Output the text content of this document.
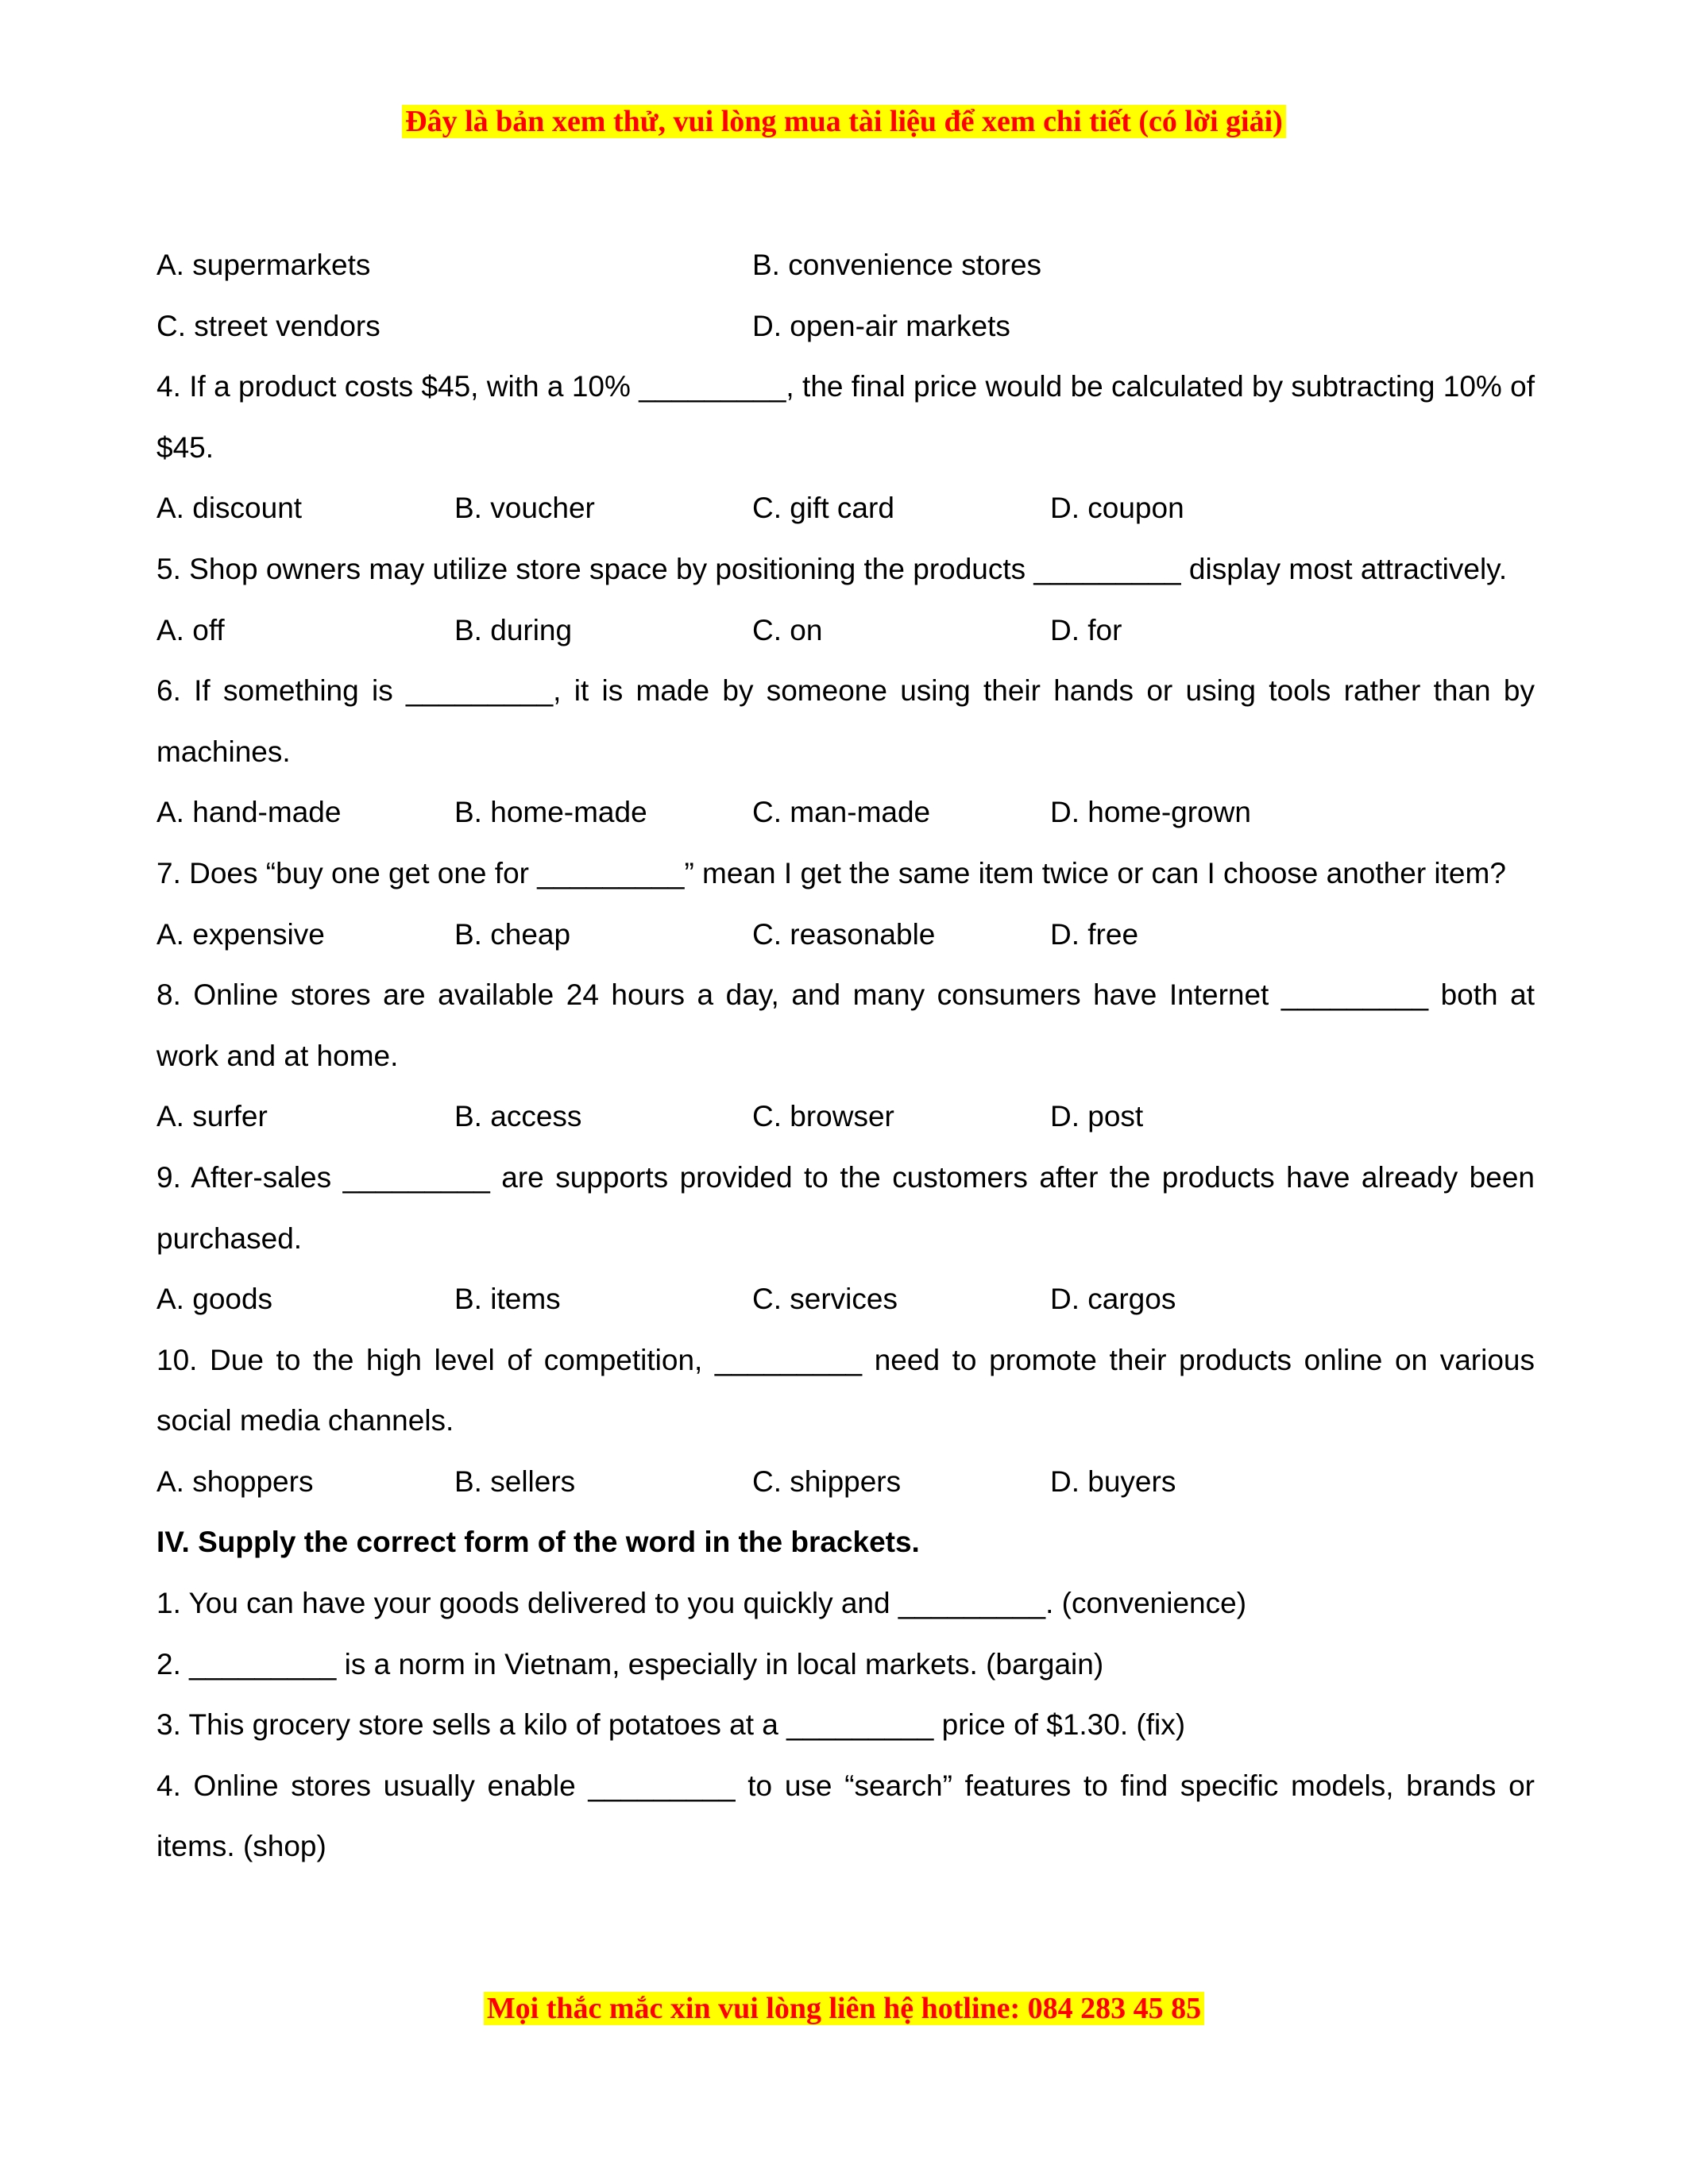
Đây là bản xem thử, vui lòng mua tài liệu để xem chi tiết (có lời giải)
A. supermarkets	B. convenience stores
C. street vendors	D. open-air markets
4. If a product costs $45, with a 10% _________, the final price would be calculated by subtracting 10% of $45.
A. discount	B. voucher	C. gift card	D. coupon
5. Shop owners may utilize store space by positioning the products _________ display most attractively.
A. off	B. during	C. on	D. for
6. If something is _________, it is made by someone using their hands or using tools rather than by machines.
A. hand-made	B. home-made	C. man-made	D. home-grown
7. Does “buy one get one for _________” mean I get the same item twice or can I choose another item?
A. expensive	B. cheap	C. reasonable	D. free
8. Online stores are available 24 hours a day, and many consumers have Internet _________ both at work and at home.
A. surfer	B. access	C. browser	D. post
9. After-sales _________ are supports provided to the customers after the products have already been purchased.
A. goods	B. items	C. services	D. cargos
10. Due to the high level of competition, _________ need to promote their products online on various social media channels.
A. shoppers	B. sellers	C. shippers	D. buyers
IV. Supply the correct form of the word in the brackets.
1. You can have your goods delivered to you quickly and _________. (convenience)
2. _________ is a norm in Vietnam, especially in local markets. (bargain)
3. This grocery store sells a kilo of potatoes at a _________ price of $1.30. (fix)
4. Online stores usually enable _________ to use “search” features to find specific models, brands or items. (shop)
Mọi thắc mắc xin vui lòng liên hệ hotline: 084 283 45 85
